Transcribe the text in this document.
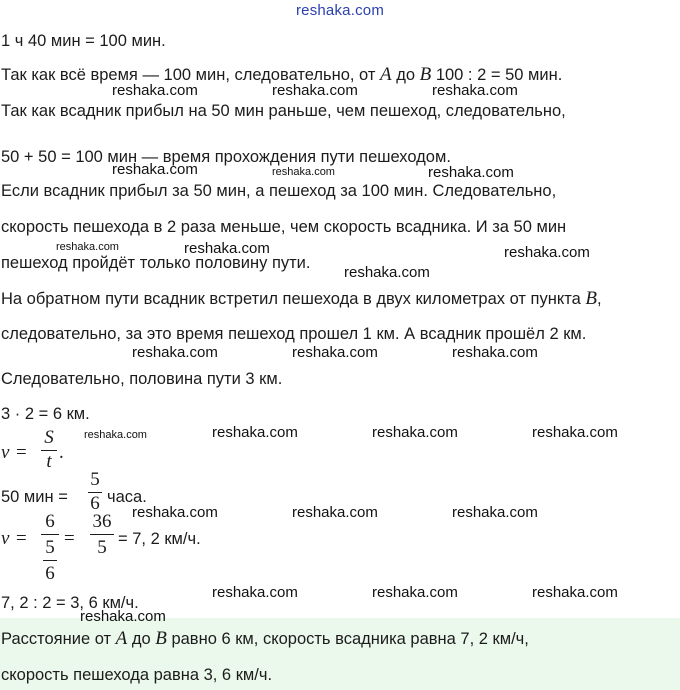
reshaka.com
1 ч 40 мин = 100 мин.
Так как всё время — 100 мин, следовательно, от A до B 100 : 2 = 50 мин.
Так как всадник прибыл на 50 мин раньше, чем пешеход, следовательно,
50 + 50 = 100 мин — время прохождения пути пешеходом.
Если всадник прибыл за 50 мин, а пешеход за 100 мин. Следовательно,
скорость пешехода в 2 раза меньше, чем скорость всадника. И за 50 мин
пешеход пройдёт только половину пути.
На обратном пути всадник встретил пешехода в двух километрах от пункта B,
следовательно, за это время пешеход прошел 1 км. А всадник прошёл 2 км.
Следовательно, половина пути 3 км.
3 · 2 = 6 км.
v =
S
t .
50 мин =
5
6 часа.
v =
6
5
6
=
36
5 = 7, 2 км/ч.
7, 2 : 2 = 3, 6 км/ч.
Расстояние от A до B равно 6 км, скорость всадника равна 7, 2 км/ч,
скорость пешехода равна 3, 6 км/ч.
reshaka.com	reshaka.com	reshaka.com
reshaka.com	reshaka.com	reshaka.com
reshaka.com	reshaka.com	reshaka.com
reshaka.com
reshaka.com	reshaka.com	reshaka.com
reshaka.com	reshaka.com	reshaka.com	reshaka.com
reshaka.com	reshaka.com	reshaka.com
reshaka.com	reshaka.com	reshaka.com
reshaka.com
